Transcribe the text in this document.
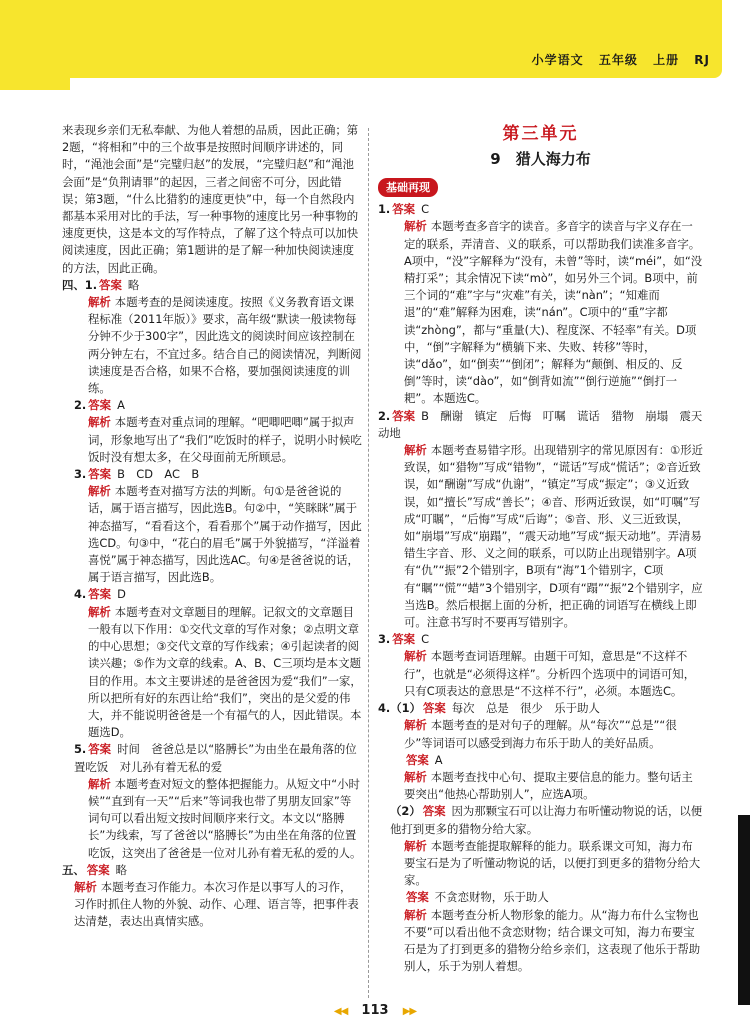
小学语文 五年级 上册 RJ

来表现乡亲们无私奉献、为他人着想的品质，因此正确；第2题，“将相和”中的三个故事是按照时间顺序讲述的，同时，“渑池会面”是“完璧归赵”的发展，“完璧归赵”和“渑池会面”是“负荆请罪”的起因，三者之间密不可分，因此错误；第3题，“什么比猎豹的速度更快”中，每一个自然段内都基本采用对比的手法，写一种事物的速度比另一种事物的速度更快，这是本文的写作特点，了解了这个特点可以加快阅读速度，因此正确；第1题讲的是了解一种加快阅读速度的方法，因此正确。

四、1. 答案 略

解析 本题考查的是阅读速度。按照《义务教育语文课程标准（2011年版）》要求，高年级“默读一般读物每分钟不少于300字”，因此选文的阅读时间应该控制在两分钟左右，不宜过多。结合自己的阅读情况，判断阅读速度是否合格，如果不合格，要加强阅读速度的训练。

2. 答案 A

解析 本题考查对重点词的理解。“吧唧吧唧”属于拟声词，形象地写出了“我们”吃饭时的样子，说明小时候吃饭时没有想太多，在父母面前无所顾忌。

3. 答案 B　CD　AC　B

解析 本题考查对描写方法的判断。句①是爸爸说的话，属于语言描写，因此选B。句②中，“笑眯眯”属于神态描写，“看看这个，看看那个”属于动作描写，因此选CD。句③中，“花白的眉毛”属于外貌描写，“洋溢着喜悦”属于神态描写，因此选AC。句④是爸爸说的话，属于语言描写，因此选B。

4. 答案 D

解析 本题考查对文章题目的理解。记叙文的文章题目一般有以下作用：①交代文章的写作对象；②点明文章的中心思想；③交代文章的写作线索；④引起读者的阅读兴趣；⑤作为文章的线索。A、B、C三项均是本文题目的作用。本文主要讲述的是爸爸因为爱“我们”一家，所以把所有好的东西让给“我们”，突出的是父爱的伟大，并不能说明爸爸是一个有福气的人，因此错误。本题选D。

5. 答案 时间　爸爸总是以“胳膊长”为由坐在最角落的位置吃饭　对儿孙有着无私的爱

解析 本题考查对短文的整体把握能力。从短文中“小时候”“直到有一天”“后来”等词我也带了男朋友回家”等词句可以看出短文按时间顺序来行文。本文以“胳膊长”为线索，写了爸爸以“胳膊长”为由坐在角落的位置吃饭，这突出了爸爸是一位对儿孙有着无私的爱的人。

五、 答案 略

解析 本题考查习作能力。本次习作是以事写人的习作，习作时抓住人物的外貌、动作、心理、语言等，把事件表达清楚，表达出真情实感。

第三单元
9　猎人海力布
基础再现

1. 答案 C

解析 本题考查多音字的读音。多音字的读音与字义存在一定的联系，弄清音、义的联系，可以帮助我们读准多音字。A项中，“没”字解释为“没有，未曾”等时，读“méi”，如“没精打采”；其余情况下读“mò”，如另外三个词。B项中，前三个词的“难”字与“灾难”有关，读“nàn”；“知难而退”的“难”解释为困难，读“nán”。C项中的“重”字都读“zhòng”，都与“重量(大)、程度深、不轻率”有关。D项中，“倒”字解释为“横躺下来、失败、转移”等时，读“dǎo”，如“倒卖”“倒闭”；解释为“颠倒、相反的、反倒”等时，读“dào”，如“倒背如流”“倒行逆施”“倒打一耙”。本题选C。

2. 答案 B　酬谢　镇定　后悔　叮嘱　谎话　猎物　崩塌　震天动地

解析 本题考查易错字形。出现错别字的常见原因有：①形近致误，如“猎物”写成“错物”，“谎话”写成“慌话”；②音近致误，如“酬谢”写成“仇谢”，“镇定”写成“振定”；③义近致误，如“擅长”写成“善长”；④音、形两近致误，如“叮嘱”写成“叮瞩”，“后悔”写成“后诲”；⑤音、形、义三近致误，如“崩塌”写成“崩蹋”，“震天动地”写成“振天动地”。弄清易错生字音、形、义之间的联系，可以防止出现错别字。A项有“仇”“振”2个错别字，B项有“海”1个错别字，C项有“瞩”“慌”“蜡”3个错别字，D项有“蹋”“振”2个错别字，应当选B。然后根据上面的分析，把正确的词语写在横线上即可。注意书写时不要再写错别字。

3. 答案 C

解析 本题考查词语理解。由题干可知，意思是“不这样不行”，也就是“必须得这样”。分析四个选项中的词语可知，只有C项表达的意思是“不这样不行”，必须。本题选C。

4.（1） 答案 每次　总是　很少　乐于助人

解析 本题考查的是对句子的理解。从“每次”“总是”“很少”等词语可以感受到海力布乐于助人的美好品质。

答案 A

解析 本题考查找中心句、提取主要信息的能力。整句话主要突出“他热心帮助别人”，应选A项。

（2） 答案 因为那颗宝石可以让海力布听懂动物说的话，以便他打到更多的猎物分给大家。

解析 本题考查能提取解释的能力。联系课文可知，海力布要宝石是为了听懂动物说的话，以便打到更多的猎物分给大家。

答案 不贪恋财物，乐于助人

解析 本题考查分析人物形象的能力。从“海力布什么宝物也不要”可以看出他不贪恋财物；结合课文可知，海力布要宝石是为了打到更多的猎物分给乡亲们，这表现了他乐于帮助别人，乐于为别人着想。

◀◀ 113 ▶▶
